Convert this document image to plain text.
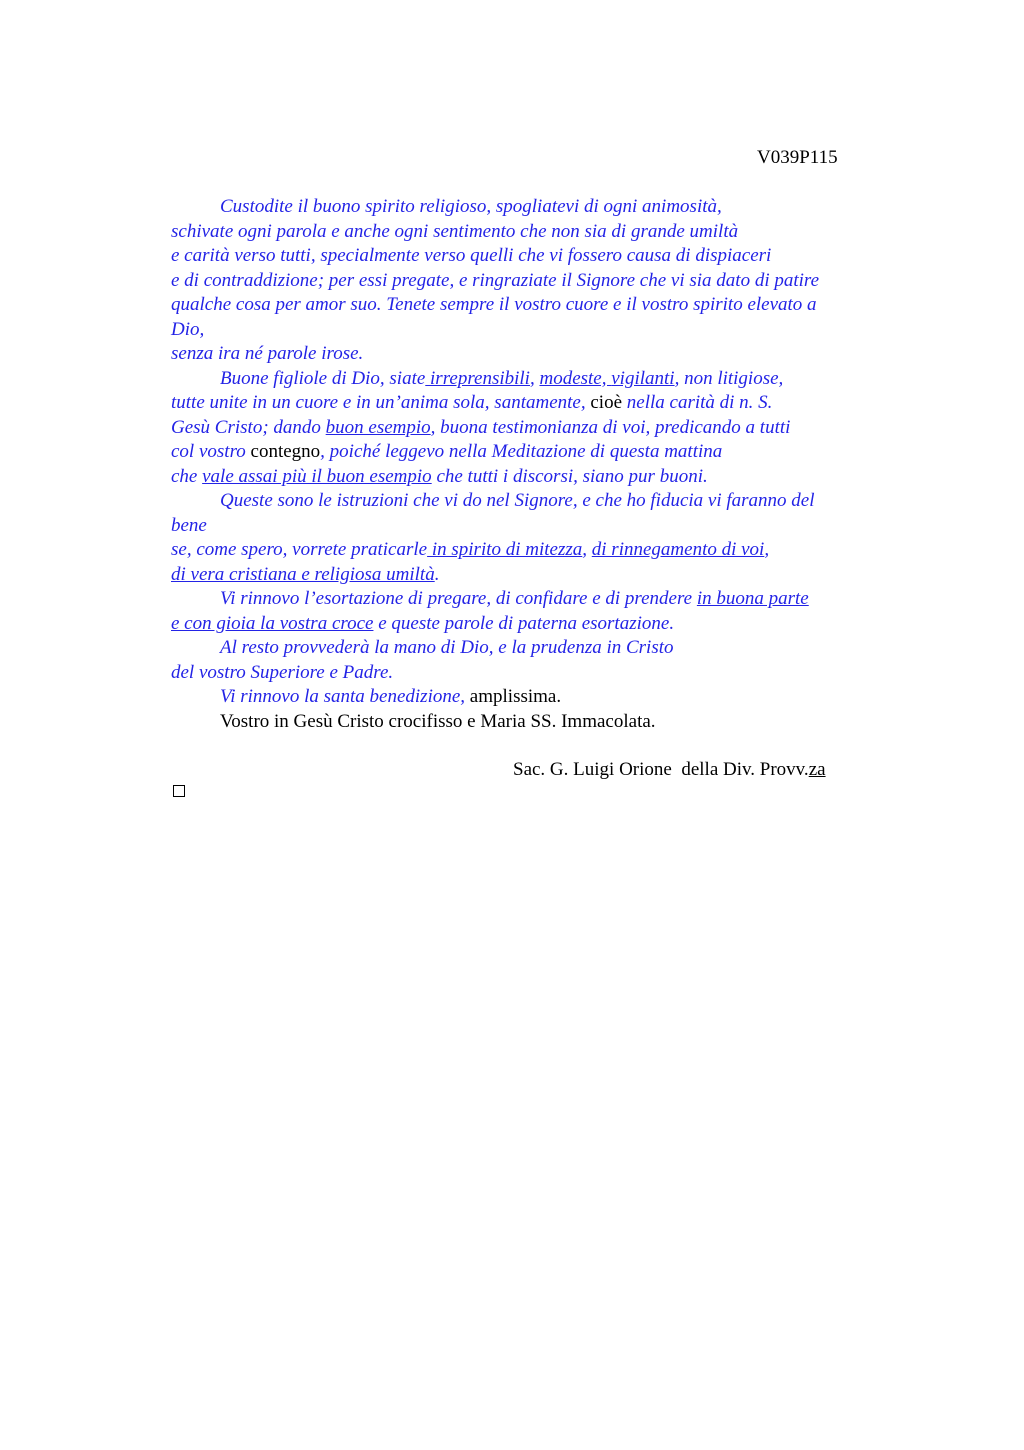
V039P115
Custodite il buono spirito religioso, spogliatevi di ogni animosità,
schivate ogni parola e anche ogni sentimento che non sia di grande umiltà
e carità verso tutti, specialmente verso quelli che vi fossero causa di dispiaceri
e di contraddizione; per essi pregate, e ringraziate il Signore che vi sia dato di patire
qualche cosa per amor suo. Tenete sempre il vostro cuore e il vostro spirito elevato a
Dio,
senza ira né parole irose.
Buone figliole di Dio, siate irreprensibili, modeste, vigilanti, non litigiose,
tutte unite in un cuore e in un’anima sola, santamente, cioè nella carità di n. S.
Gesù Cristo; dando buon esempio, buona testimonianza di voi, predicando a tutti
col vostro contegno, poiché leggevo nella Meditazione di questa mattina
che vale assai più il buon esempio che tutti i discorsi, siano pur buoni.
Queste sono le istruzioni che vi do nel Signore, e che ho fiducia vi faranno del
bene
se, come spero, vorrete praticarle in spirito di mitezza, di rinnegamento di voi,
di vera cristiana e religiosa umiltà.
Vi rinnovo l’esortazione di pregare, di confidare e di prendere in buona parte
e con gioia la vostra croce e queste parole di paterna esortazione.
Al resto provvederà la mano di Dio, e la prudenza in Cristo
del vostro Superiore e Padre.
Vi rinnovo la santa benedizione, amplissima.
Vostro in Gesù Cristo crocifisso e Maria SS. Immacolata.
Sac. G. Luigi Orione  della Div. Provv.za
